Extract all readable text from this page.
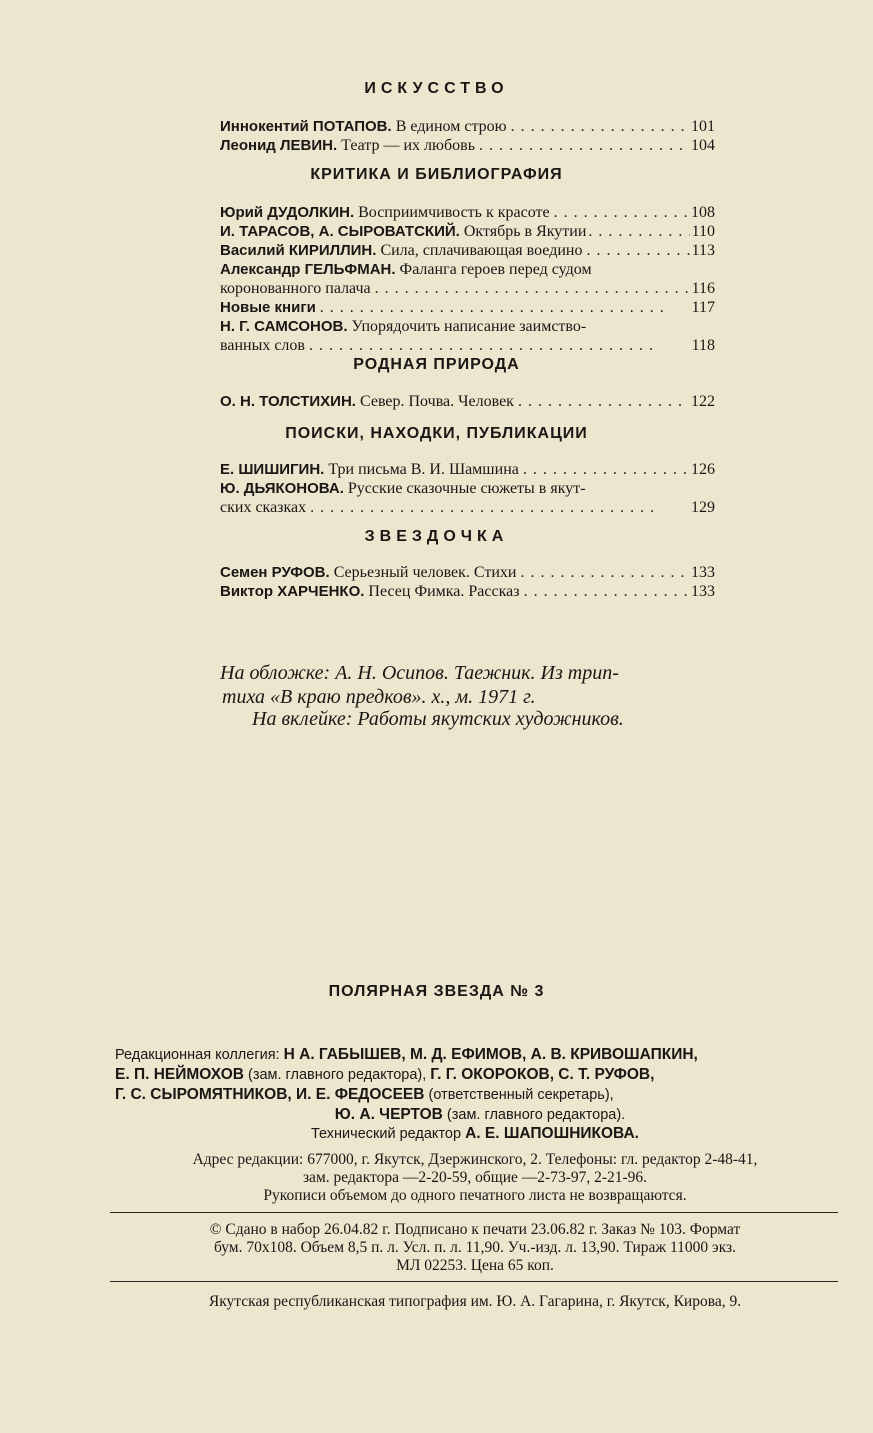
ИСКУССТВО
Иннокентий ПОТАПОВ. В едином строю . . .	101
Леонид ЛЕВИН. Театр — их любовь . . .	104
КРИТИКА И БИБЛИОГРАФИЯ
Юрий ДУДОЛКИН. Восприимчивость к красоте . . .	108
И. ТАРАСОВ, А. СЫРОВАТСКИЙ. Октябрь в Якутии . . .	110
Василий КИРИЛЛИН. Сила, сплачивающая воедино . . .	113
Александр ГЕЛЬФМАН. Фаланга героев перед судом
коронованного палача . . .	116
Новые книги . . .	117
Н. Г. САМСОНОВ. Упорядочить написание заимство-
ванных слов . . .	118
РОДНАЯ ПРИРОДА
О. Н. ТОЛСТИХИН. Север. Почва. Человек . . .	122
ПОИСКИ, НАХОДКИ, ПУБЛИКАЦИИ
Е. ШИШИГИН. Три письма В. И. Шамшина . . .	126
Ю. ДЬЯКОНОВА. Русские сказочные сюжеты в якут-
ских сказках . . .	129
ЗВЕЗДОЧКА
Семен РУФОВ. Серьезный человек. Стихи . . .	133
Виктор ХАРЧЕНКО. Песец Фимка. Рассказ . . .	133
На обложке: А. Н. Осипов. Таежник. Из трип-
тиха «В краю предков». х., м. 1971 г.
На вклейке: Работы якутских художников.
ПОЛЯРНАЯ ЗВЕЗДА № 3
Редакционная коллегия: Н А. ГАБЫШЕВ, М. Д. ЕФИМОВ, А. В. КРИВОШАПКИН,
Е. П. НЕЙМОХОВ (зам. главного редактора), Г. Г. ОКОРОКОВ, С. Т. РУФОВ,
Г. С. СЫРОМЯТНИКОВ, И. Е. ФЕДОСЕЕВ (ответственный секретарь),
Ю. А. ЧЕРТОВ (зам. главного редактора).
Технический редактор А. Е. ШАПОШНИКОВА.
Адрес редакции: 677000, г. Якутск, Дзержинского, 2. Телефоны: гл. редактор 2-48-41,
зам. редактора —2-20-59, общие —2-73-97, 2-21-96.
Рукописи объемом до одного печатного листа не возвращаются.
© Сдано в набор 26.04.82 г. Подписано к печати 23.06.82 г. Заказ № 103. Формат
бум. 70x108. Объем 8,5 п. л. Усл. п. л. 11,90. Уч.-изд. л. 13,90. Тираж 11000 экз.
МЛ 02253. Цена 65 коп.
Якутская республиканская типография им. Ю. А. Гагарина, г. Якутск, Кирова, 9.
